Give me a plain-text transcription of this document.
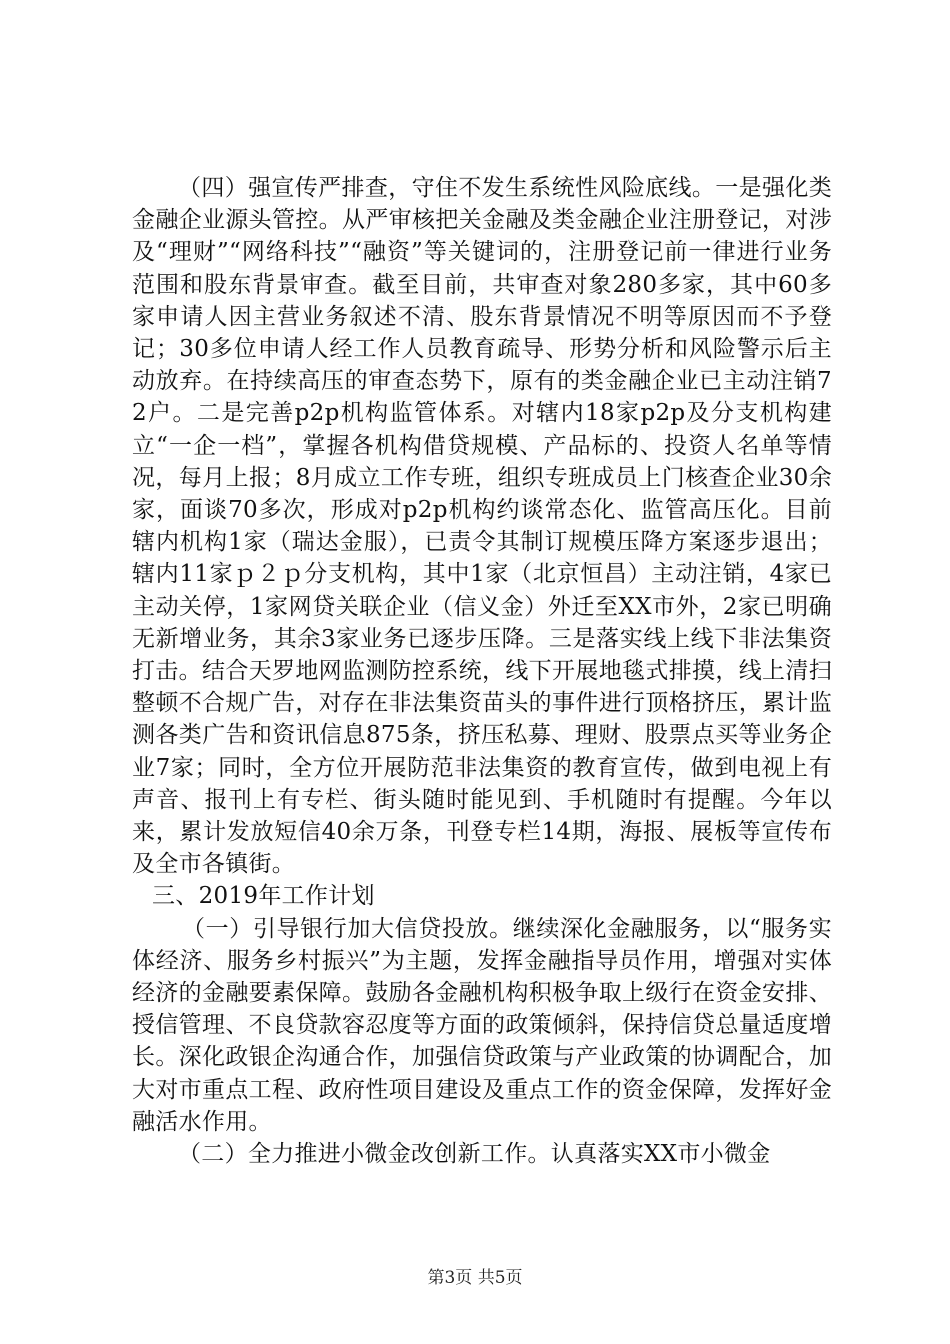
（四）强宣传严排查，守住不发生系统性风险底线。一是强化类金融企业源头管控。从严审核把关金融及类金融企业注册登记，对涉及“理财”“网络科技”“融资”等关键词的，注册登记前一律进行业务范围和股东背景审查。截至目前，共审查对象280多家，其中60多家申请人因主营业务叙述不清、股东背景情况不明等原因而不予登记；30多位申请人经工作人员教育疏导、形势分析和风险警示后主动放弃。在持续高压的审查态势下，原有的类金融企业已主动注销72户。二是完善p2p机构监管体系。对辖内18家p2p及分支机构建立“一企一档”，掌握各机构借贷规模、产品标的、投资人名单等情况，每月上报；8月成立工作专班，组织专班成员上门核查企业30余家，面谈70多次，形成对p2p机构约谈常态化、监管高压化。目前辖内机构1家（瑞达金服），已责令其制订规模压降方案逐步退出；辖内11家ｐ２ｐ分支机构，其中1家（北京恒昌）主动注销，4家已主动关停，1家网贷关联企业（信义金）外迁至XX市外，2家已明确无新增业务，其余3家业务已逐步压降。三是落实线上线下非法集资打击。结合天罗地网监测防控系统，线下开展地毯式排摸，线上清扫整顿不合规广告，对存在非法集资苗头的事件进行顶格挤压，累计监测各类广告和资讯信息875条，挤压私募、理财、股票点买等业务企业7家；同时，全方位开展防范非法集资的教育宣传，做到电视上有声音、报刊上有专栏、街头随时能见到、手机随时有提醒。今年以来，累计发放短信40余万条，刊登专栏14期，海报、展板等宣传布及全市各镇街。

三、2019年工作计划

（一）引导银行加大信贷投放。继续深化金融服务，以“服务实体经济、服务乡村振兴”为主题，发挥金融指导员作用，增强对实体经济的金融要素保障。鼓励各金融机构积极争取上级行在资金安排、授信管理、不良贷款容忍度等方面的政策倾斜，保持信贷总量适度增长。深化政银企沟通合作，加强信贷政策与产业政策的协调配合，加大对市重点工程、政府性项目建设及重点工作的资金保障，发挥好金融活水作用。

（二）全力推进小微金改创新工作。认真落实XX市小微金

第3页 共5页
